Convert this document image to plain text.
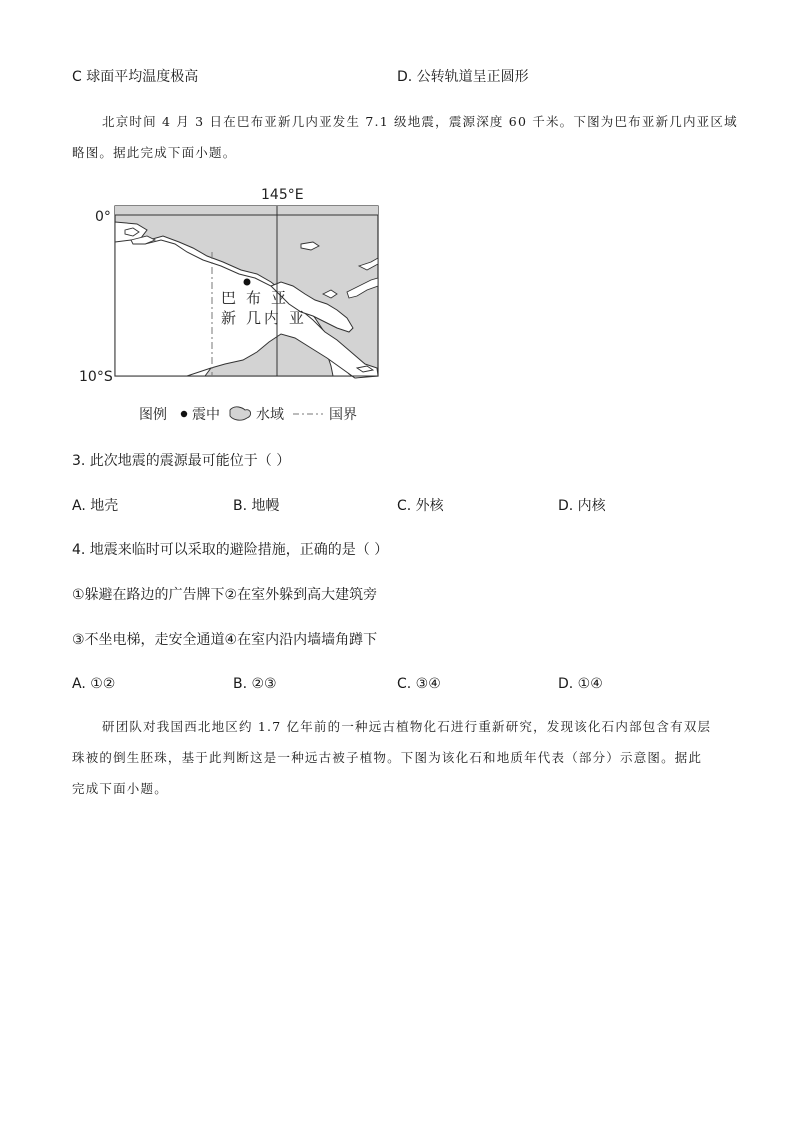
C 球面平均温度极高	D. 公转轨道呈正圆形
北京时间 4 月 3 日在巴布亚新几内亚发生 7.1 级地震，震源深度 60 千米。下图为巴布亚新几内亚区域
略图。据此完成下面小题。
巴 布 亚
新 几 内 亚
145°E
0°
10°S
图例 震中	水域	国界
3. 此次地震的震源最可能位于（ ）
A. 地壳	B. 地幔	C. 外核	D. 内核
4. 地震来临时可以采取的避险措施，正确的是（ ）
①躲避在路边的广告牌下②在室外躲到高大建筑旁
③不坐电梯，走安全通道④在室内沿内墙墙角蹲下
A. ①②	B. ②③	C. ③④	D. ①④
研团队对我国西北地区约 1.7 亿年前的一种远古植物化石进行重新研究，发现该化石内部包含有双层
珠被的倒生胚珠，基于此判断这是一种远古被子植物。下图为该化石和地质年代表（部分）示意图。据此
完成下面小题。
